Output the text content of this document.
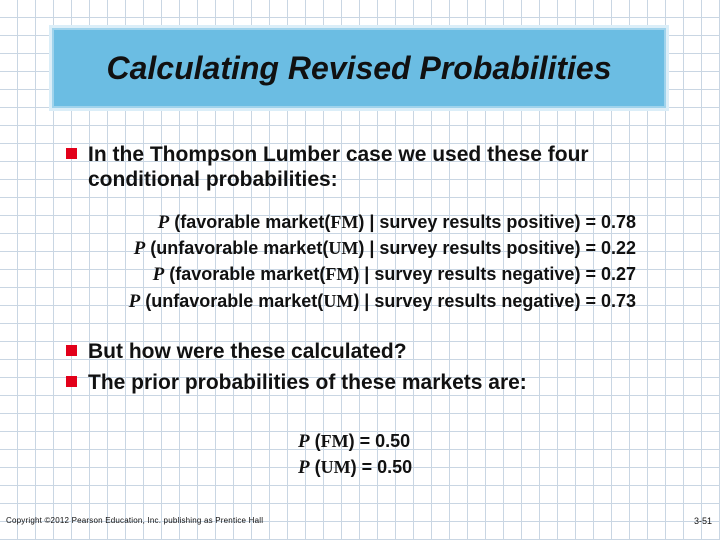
Calculating Revised Probabilities
In the Thompson Lumber case we used these four conditional probabilities:
P (favorable market(FM) | survey results positive) = 0.78
P (unfavorable market(UM) | survey results positive) = 0.22
P (favorable market(FM) | survey results negative) = 0.27
P (unfavorable market(UM) | survey results negative) = 0.73
But how were these calculated?
The prior probabilities of these markets are:
P (FM) = 0.50
P (UM) = 0.50
Copyright ©2012 Pearson Education, Inc. publishing as Prentice Hall	3-51
